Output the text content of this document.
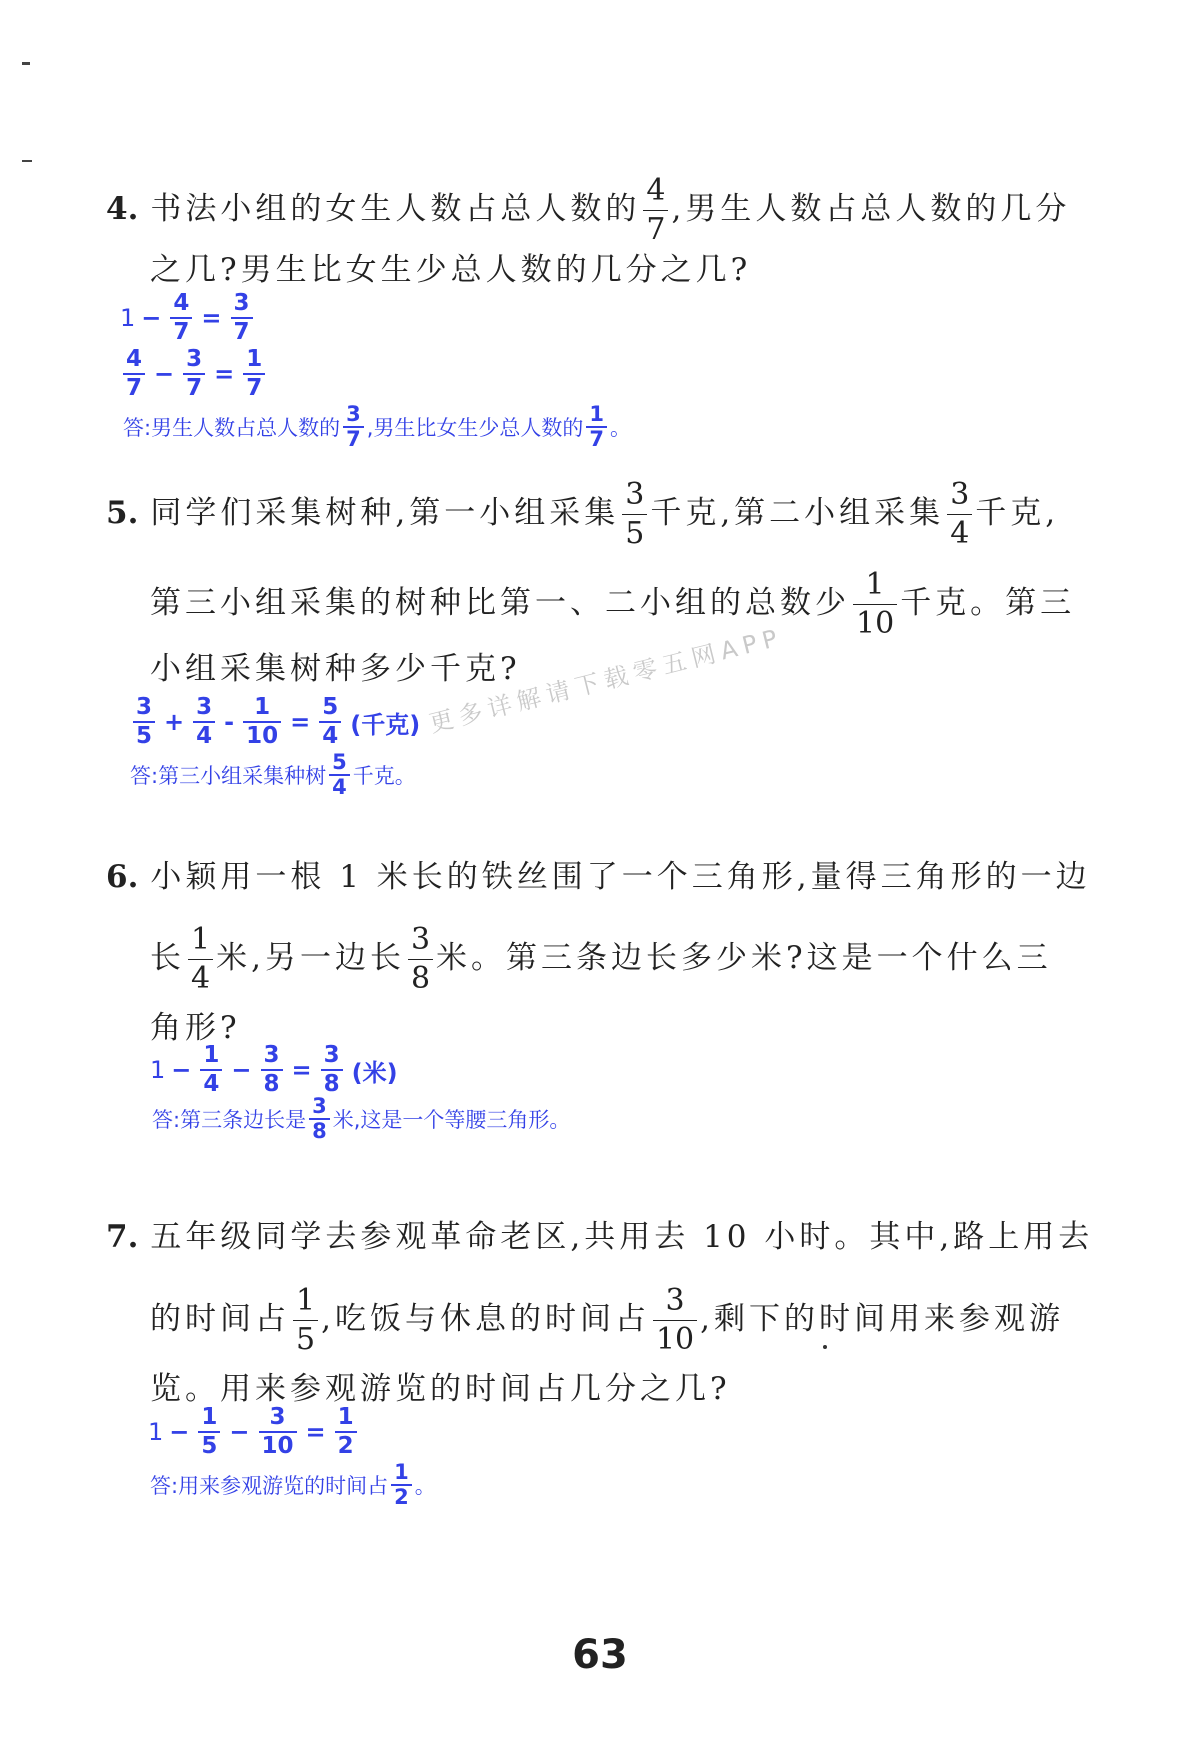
4. 书法小组的女生人数占总人数的 $\frac{4}{7}$ ,男生人数占总人数的几分
之几?男生比女生少总人数的几分之几?
$1 - \frac{4}{7} = \frac{3}{7}$
$\frac{4}{7} - \frac{3}{7} = \frac{1}{7}$
答:男生人数占总人数的 $\frac{3}{7}$ ,男生比女生少总人数的 $\frac{1}{7}$ 。
5. 同学们采集树种,第一小组采集 $\frac{3}{5}$ 千克,第二小组采集 $\frac{3}{4}$ 千克,
第三小组采集的树种比第一、二小组的总数少 $\frac{1}{10}$ 千克。第三
小组采集树种多少千克?
$\frac{3}{5} + \frac{3}{4} - \frac{1}{10} = \frac{5}{4}$ (千克)
答:第三小组采集种树 $\frac{5}{4}$ 千克。
更多详解请下载零五网APP
6. 小颖用一根 1 米长的铁丝围了一个三角形,量得三角形的一边
长 $\frac{1}{4}$ 米,另一边长 $\frac{3}{8}$ 米。第三条边长多少米?这是一个什么三
角形?
$1 - \frac{1}{4} - \frac{3}{8} = \frac{3}{8}$ (米)
答:第三条边长是 $\frac{3}{8}$ 米,这是一个等腰三角形。
7. 五年级同学去参观革命老区,共用去 10 小时。其中,路上用去
的时间占 $\frac{1}{5}$ ,吃饭与休息的时间占 $\frac{3}{10}$ ,剩下的时间用来参观游
览。用来参观游览的时间占几分之几?
$1 - \frac{1}{5} - \frac{3}{10} = \frac{1}{2}$
答:用来参观游览的时间占 $\frac{1}{2}$ 。
63
